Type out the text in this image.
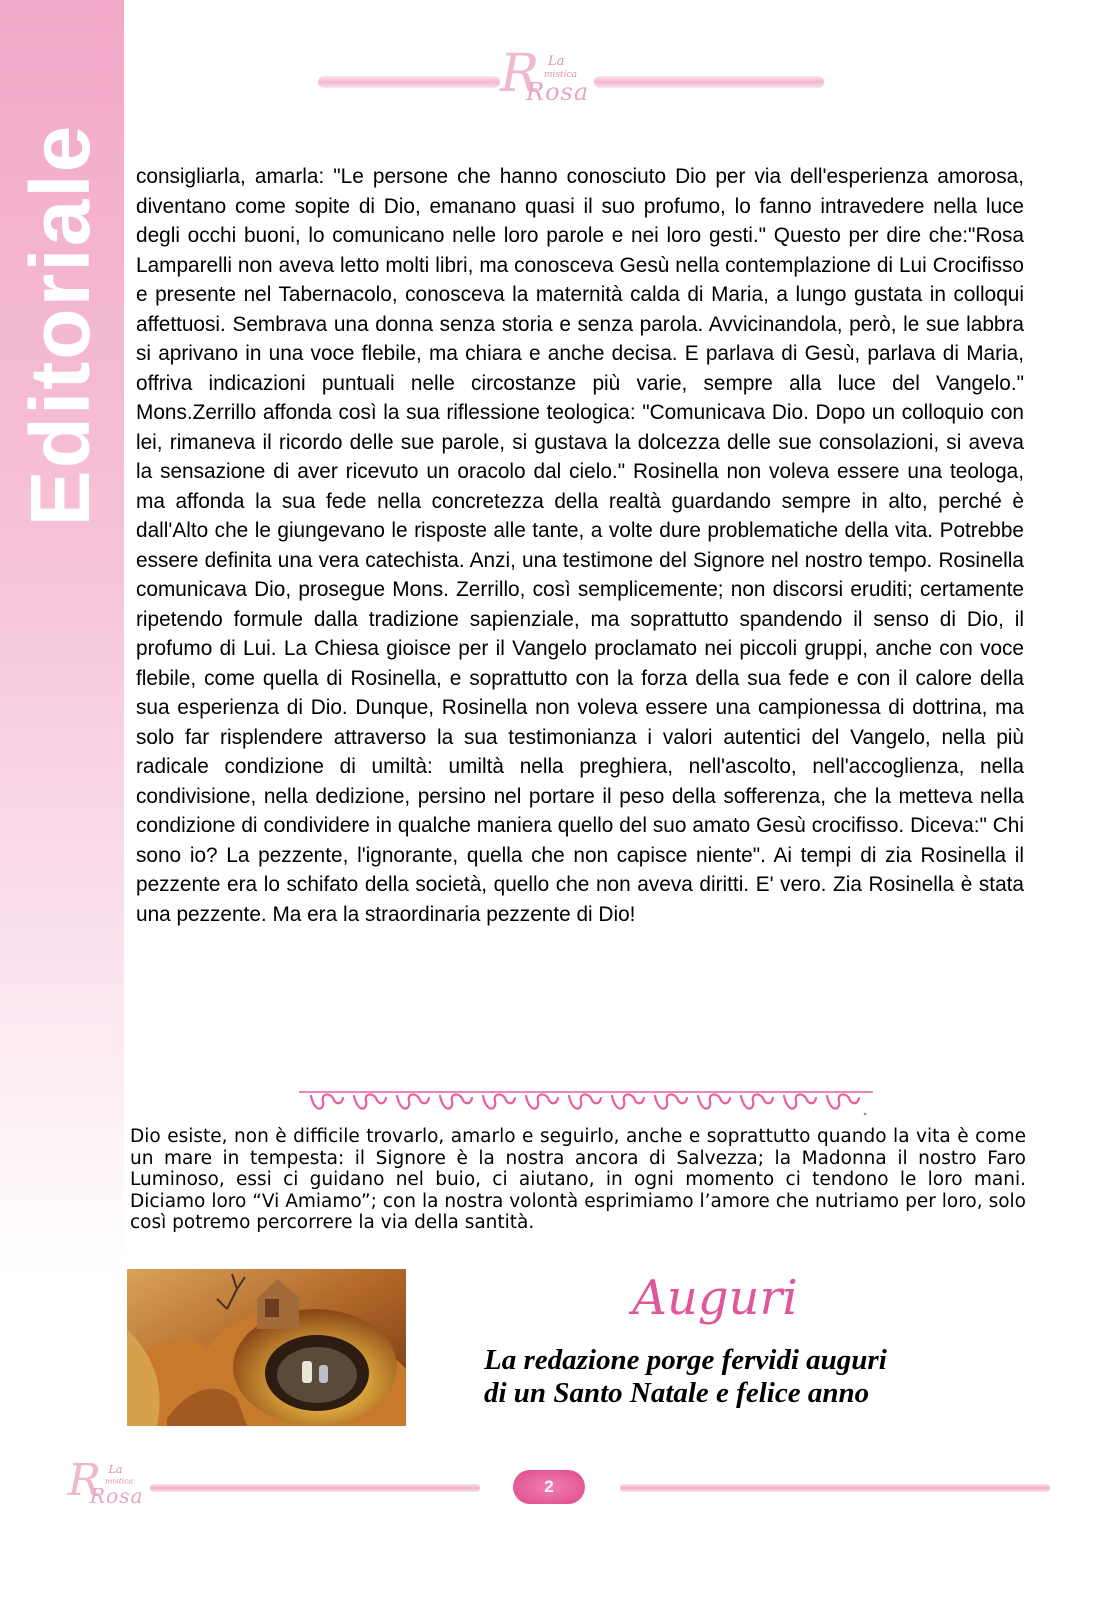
Editoriale
R La
mistica
Rosa

consigliarla, amarla: "Le persone che hanno conosciuto Dio per via dell'esperienza amorosa, diventano come sopite di Dio, emanano quasi il suo profumo, lo fanno intravedere nella luce degli occhi buoni, lo comunicano nelle loro parole e nei loro gesti." Questo per dire che:"Rosa Lamparelli non aveva letto molti libri, ma conosceva Gesù nella contemplazione di Lui Crocifisso e presente nel Tabernacolo, conosceva la maternità calda di Maria, a lungo gustata in colloqui affettuosi. Sembrava una donna senza storia e senza parola. Avvicinandola, però, le sue labbra si aprivano in una voce flebile, ma chiara e anche decisa. E parlava di Gesù, parlava di Maria, offriva indicazioni puntuali nelle circostanze più varie, sempre alla luce del Vangelo." Mons.Zerrillo affonda così la sua riflessione teologica: "Comunicava Dio. Dopo un colloquio con lei, rimaneva il ricordo delle sue parole, si gustava la dolcezza delle sue consolazioni, si aveva la sensazione di aver ricevuto un oracolo dal cielo." Rosinella non voleva essere una teologa, ma affonda la sua fede nella concretezza della realtà guardando sempre in alto, perché è dall'Alto che le giungevano le risposte alle tante, a volte dure problematiche della vita. Potrebbe essere definita una vera catechista. Anzi, una testimone del Signore nel nostro tempo. Rosinella comunicava Dio, prosegue Mons. Zerrillo, così semplicemente; non discorsi eruditi; certamente ripetendo formule dalla tradizione sapienziale, ma soprattutto spandendo il senso di Dio, il profumo di Lui. La Chiesa gioisce per il Vangelo proclamato nei piccoli gruppi, anche con voce flebile, come quella di Rosinella, e soprattutto con la forza della sua fede e con il calore della sua esperienza di Dio. Dunque, Rosinella non voleva essere una campionessa di dottrina, ma solo far risplendere attraverso la sua testimonianza i valori autentici del Vangelo, nella più radicale condizione di umiltà: umiltà nella preghiera, nell'ascolto, nell'accoglienza, nella condivisione, nella dedizione, persino nel portare il peso della sofferenza, che la metteva nella condizione di condividere in qualche maniera quello del suo amato Gesù crocifisso. Diceva:" Chi sono io? La pezzente, l'ignorante, quella che non capisce niente". Ai tempi di zia Rosinella il pezzente era lo schifato della società, quello che non aveva diritti. E' vero. Zia Rosinella è stata una pezzente. Ma era la straordinaria pezzente di Dio!

Dio esiste, non è difficile trovarlo, amarlo e seguirlo, anche e soprattutto quando la vita è come un mare in tempesta: il Signore è la nostra ancora di Salvezza; la Madonna il nostro Faro Luminoso, essi ci guidano nel buio, ci aiutano, in ogni momento ci tendono le loro mani. Diciamo loro “Vi Amiamo”; con la nostra volontà esprimiamo l’amore che nutriamo per loro, solo così potremo percorrere la via della santità.

Auguri
La redazione porge fervidi auguri
di un Santo Natale e felice anno
R La
mistica
Rosa	2
